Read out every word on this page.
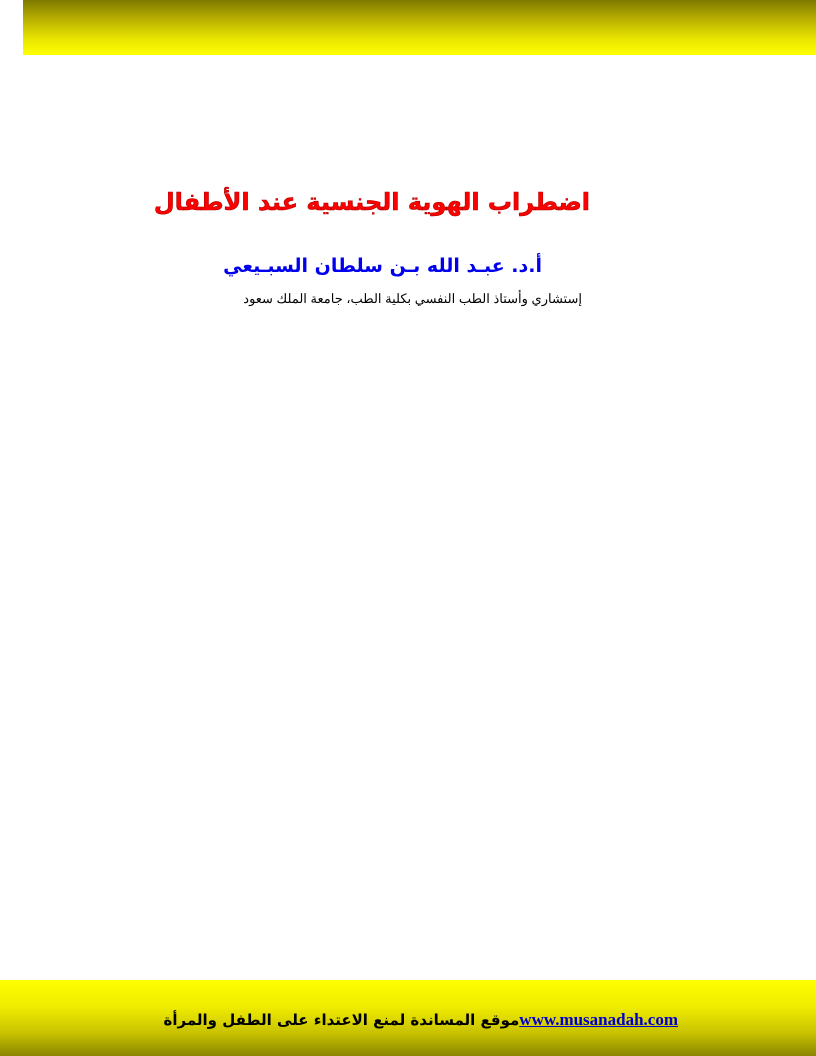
اضطراب الهوية الجنسية عند الأطفال
أ.د. عبـد الله بـن سلطان السبـيعي
إستشاري وأستاذ الطب النفسي بكلية الطب، جامعة الملك سعود
موقع المساندة لمنع الاعتداء على الطفل والمرأةwww.musanadah.com
